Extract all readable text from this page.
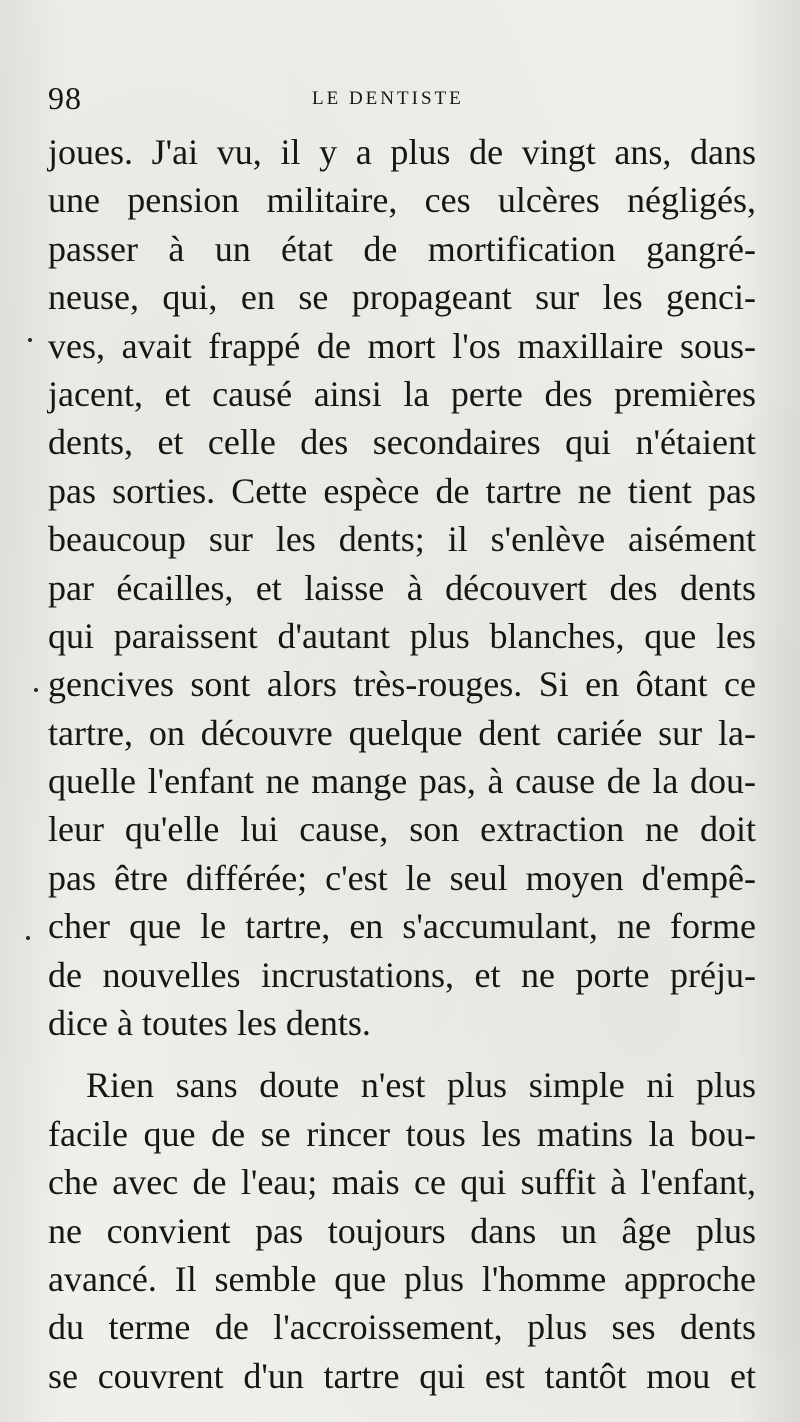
98	LE DENTISTE
joues. J'ai vu, il y a plus de vingt ans, dans
une pension militaire, ces ulcères négligés,
passer à un état de mortification gangré-
neuse, qui, en se propageant sur les genci-
ves, avait frappé de mort l'os maxillaire sous-
jacent, et causé ainsi la perte des premières
dents, et celle des secondaires qui n'étaient
pas sorties. Cette espèce de tartre ne tient pas
beaucoup sur les dents; il s'enlève aisément
par écailles, et laisse à découvert des dents
qui paraissent d'autant plus blanches, que les
gencives sont alors très-rouges. Si en ôtant ce
tartre, on découvre quelque dent cariée sur la-
quelle l'enfant ne mange pas, à cause de la dou-
leur qu'elle lui cause, son extraction ne doit
pas être différée; c'est le seul moyen d'empê-
cher que le tartre, en s'accumulant, ne forme
de nouvelles incrustations, et ne porte préju-
dice à toutes les dents.
Rien sans doute n'est plus simple ni plus
facile que de se rincer tous les matins la bou-
che avec de l'eau; mais ce qui suffit à l'enfant,
ne convient pas toujours dans un âge plus
avancé. Il semble que plus l'homme approche
du terme de l'accroissement, plus ses dents
se couvrent d'un tartre qui est tantôt mou et
